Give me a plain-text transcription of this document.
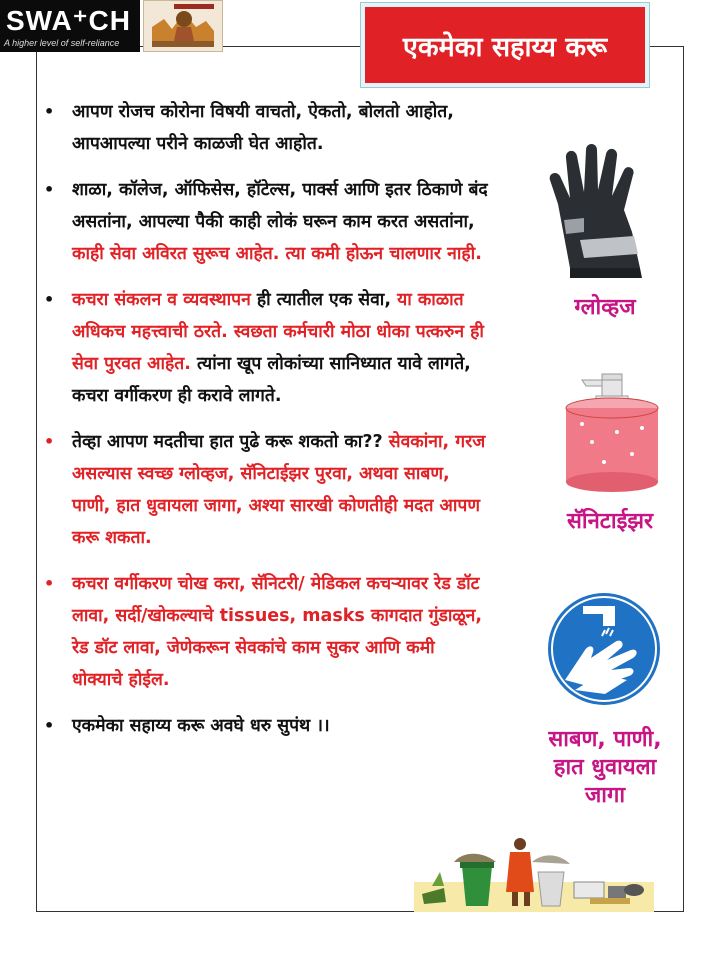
SWA⁺CH
A higher level of self-reliance	एकमेका सहाय्य करू
• आपण रोजच कोरोना विषयी वाचतो, ऐकतो, बोलतो आहोत, आपआपल्या परीने काळजी घेत आहोत.
• शाळा, कॉलेज, ऑफिसेस, हॉटेल्स, पार्क्स आणि इतर ठिकाणे बंद असतांना, आपल्या पैकी काही लोकं घरून काम करत असतांना, काही सेवा अविरत सुरूच आहेत. त्या कमी होऊन चालणार नाही.
• कचरा संकलन व व्यवस्थापन ही त्यातील एक सेवा, या काळात अधिकच महत्त्वाची ठरते. स्वछता कर्मचारी मोठा धोका पत्करुन ही सेवा पुरवत आहेत. त्यांना खूप लोकांच्या सानिध्यात यावे लागते, कचरा वर्गीकरण ही करावे लागते.
• तेव्हा आपण मदतीचा हात पुढे करू शकतो का?? सेवकांना, गरज असल्यास स्वच्छ ग्लोव्हज, सॅनिटाईझर पुरवा, अथवा साबण, पाणी, हात धुवायला जागा, अश्या सारखी कोणतीही मदत आपण करू शकता.
• कचरा वर्गीकरण चोख करा, सॅनिटरी/ मेडिकल कचऱ्यावर रेड डॉट लावा, सर्दी/खोकल्याचे tissues, masks कागदात गुंडाळून, रेड डॉट लावा, जेणेकरून सेवकांचे काम सुकर आणि कमी धोक्याचे होईल.
• एकमेका सहाय्य करू अवघे धरु सुपंथ ।।
ग्लोव्हज
सॅनिटाईझर
साबण, पाणी,
हात धुवायला
जागा
